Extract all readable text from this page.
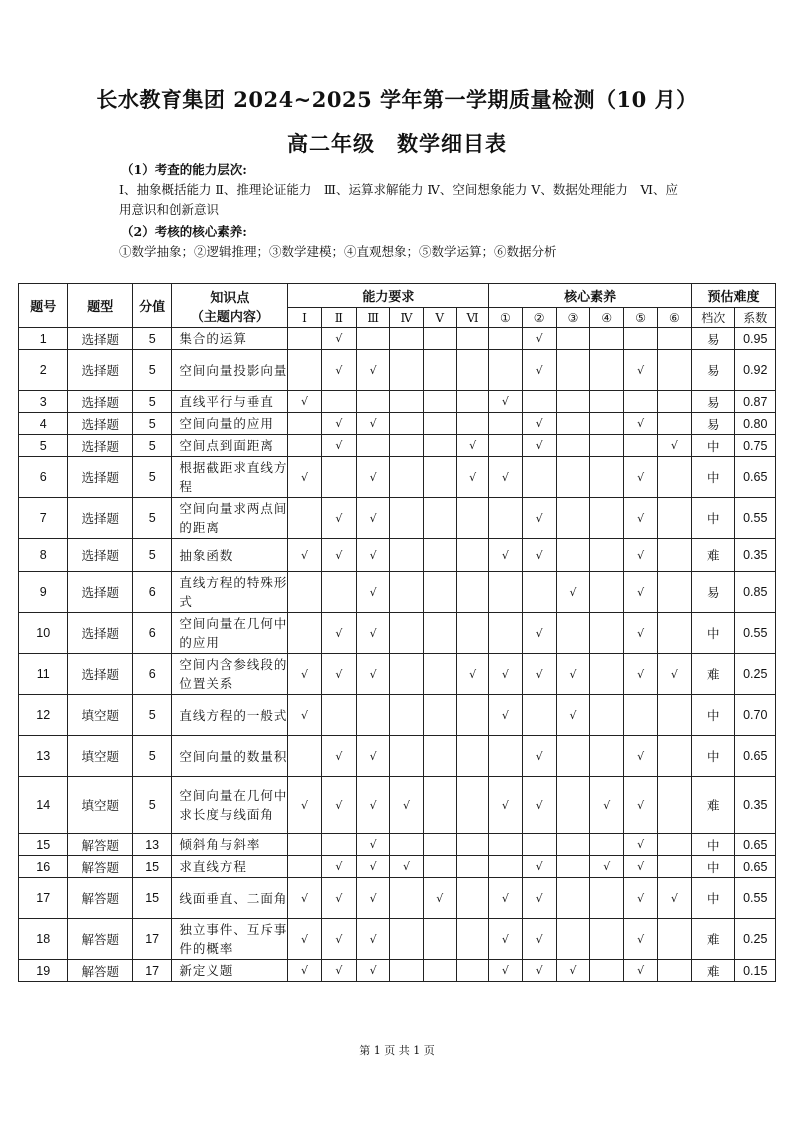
长水教育集团 2024~2025 学年第一学期质量检测（10 月）
高二年级　数学细目表
（1）考查的能力层次:
Ⅰ、抽象概括能力 Ⅱ、推理论证能力　Ⅲ、运算求解能力 Ⅳ、空间想象能力 Ⅴ、数据处理能力　Ⅵ、应用意识和创新意识
（2）考核的核心素养:
①数学抽象；②逻辑推理；③数学建模；④直观想象；⑤数学运算；⑥数据分析
题号	题型	分值	知识点
（主题内容）	能力要求						核心素养						预估难度	
				Ⅰ	Ⅱ	Ⅲ	Ⅳ	Ⅴ	Ⅵ	①	②	③	④	⑤	⑥	档次	系数
1	选择题	5	集合的运算		√						√					易	0.95
2	选择题	5	空间向量投影向量		√	√					√			√		易	0.92
3	选择题	5	直线平行与垂直	√						√						易	0.87
4	选择题	5	空间向量的应用		√	√					√			√		易	0.80
5	选择题	5	空间点到面距离		√				√		√				√	中	0.75
6	选择题	5	根据截距求直线方程	√		√			√	√				√		中	0.65
7	选择题	5	空间向量求两点间的距离		√	√					√			√		中	0.55
8	选择题	5	抽象函数	√	√	√				√	√			√		难	0.35
9	选择题	6	直线方程的特殊形式			√						√		√		易	0.85
10	选择题	6	空间向量在几何中的应用		√	√					√			√		中	0.55
11	选择题	6	空间内含参线段的位置关系	√	√	√			√	√	√	√		√	√	难	0.25
12	填空题	5	直线方程的一般式	√						√		√				中	0.70
13	填空题	5	空间向量的数量积		√	√					√			√		中	0.65
14	填空题	5	空间向量在几何中求长度与线面角	√	√	√	√			√	√		√	√		难	0.35
15	解答题	13	倾斜角与斜率			√								√		中	0.65
16	解答题	15	求直线方程		√	√	√				√		√	√		中	0.65
17	解答题	15	线面垂直、二面角	√	√	√		√		√	√			√	√	中	0.55
18	解答题	17	独立事件、互斥事件的概率	√	√	√				√	√			√		难	0.25
19	解答题	17	新定义题	√	√	√				√	√	√		√		难	0.15
第 1 页 共 1 页
